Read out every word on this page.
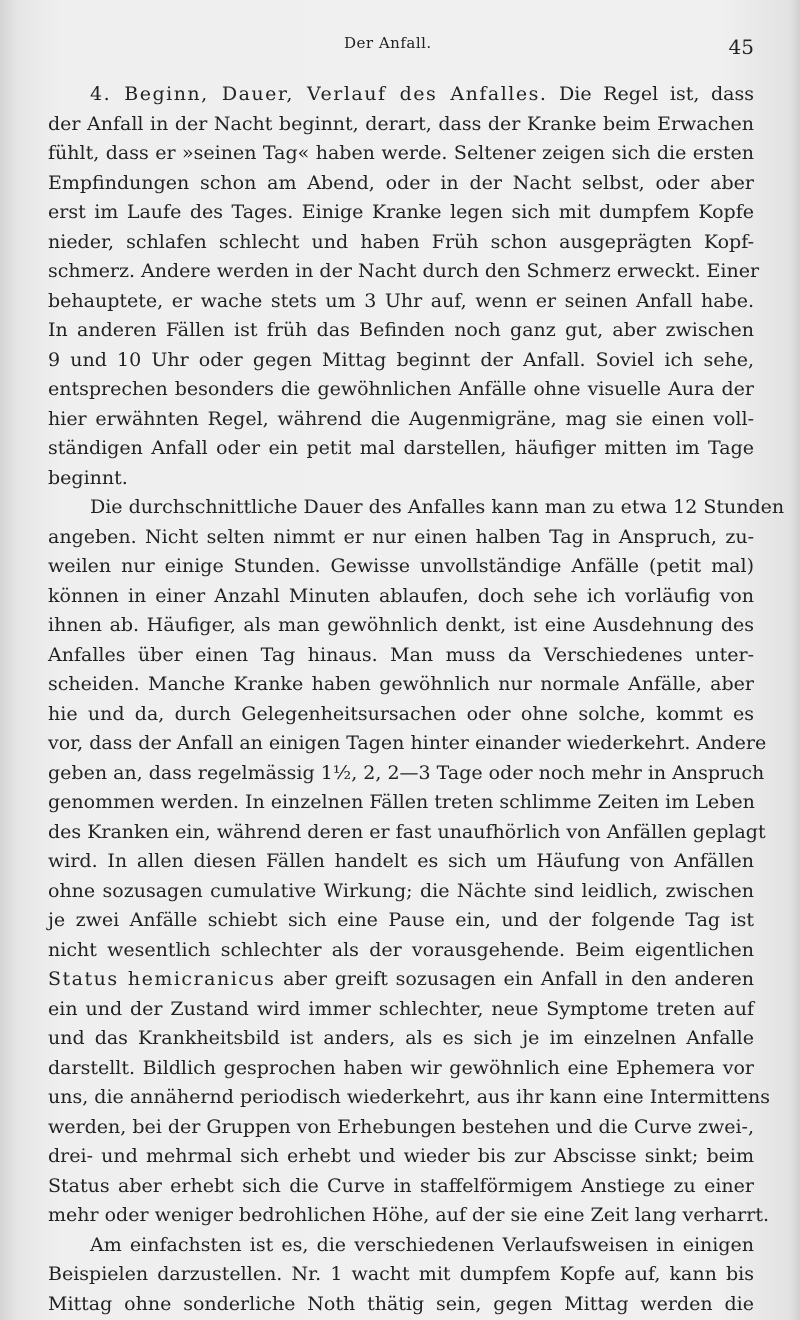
Der Anfall.	45
4. Beginn, Dauer, Verlauf des Anfalles. Die Regel ist, dass
der Anfall in der Nacht beginnt, derart, dass der Kranke beim Erwachen
fühlt, dass er »seinen Tag« haben werde. Seltener zeigen sich die ersten
Empfindungen schon am Abend, oder in der Nacht selbst, oder aber
erst im Laufe des Tages. Einige Kranke legen sich mit dumpfem Kopfe
nieder, schlafen schlecht und haben Früh schon ausgeprägten Kopf-
schmerz. Andere werden in der Nacht durch den Schmerz erweckt. Einer
behauptete, er wache stets um 3 Uhr auf, wenn er seinen Anfall habe.
In anderen Fällen ist früh das Befinden noch ganz gut, aber zwischen
9 und 10 Uhr oder gegen Mittag beginnt der Anfall. Soviel ich sehe,
entsprechen besonders die gewöhnlichen Anfälle ohne visuelle Aura der
hier erwähnten Regel, während die Augenmigräne, mag sie einen voll-
ständigen Anfall oder ein petit mal darstellen, häufiger mitten im Tage
beginnt.
Die durchschnittliche Dauer des Anfalles kann man zu etwa 12 Stunden
angeben. Nicht selten nimmt er nur einen halben Tag in Anspruch, zu-
weilen nur einige Stunden. Gewisse unvollständige Anfälle (petit mal)
können in einer Anzahl Minuten ablaufen, doch sehe ich vorläufig von
ihnen ab. Häufiger, als man gewöhnlich denkt, ist eine Ausdehnung des
Anfalles über einen Tag hinaus. Man muss da Verschiedenes unter-
scheiden. Manche Kranke haben gewöhnlich nur normale Anfälle, aber
hie und da, durch Gelegenheitsursachen oder ohne solche, kommt es
vor, dass der Anfall an einigen Tagen hinter einander wiederkehrt. Andere
geben an, dass regelmässig 1½, 2, 2—3 Tage oder noch mehr in Anspruch
genommen werden. In einzelnen Fällen treten schlimme Zeiten im Leben
des Kranken ein, während deren er fast unaufhörlich von Anfällen geplagt
wird. In allen diesen Fällen handelt es sich um Häufung von Anfällen
ohne sozusagen cumulative Wirkung; die Nächte sind leidlich, zwischen
je zwei Anfälle schiebt sich eine Pause ein, und der folgende Tag ist
nicht wesentlich schlechter als der vorausgehende. Beim eigentlichen
Status hemicranicus aber greift sozusagen ein Anfall in den anderen
ein und der Zustand wird immer schlechter, neue Symptome treten auf
und das Krankheitsbild ist anders, als es sich je im einzelnen Anfalle
darstellt. Bildlich gesprochen haben wir gewöhnlich eine Ephemera vor
uns, die annähernd periodisch wiederkehrt, aus ihr kann eine Intermittens
werden, bei der Gruppen von Erhebungen bestehen und die Curve zwei-,
drei- und mehrmal sich erhebt und wieder bis zur Abscisse sinkt; beim
Status aber erhebt sich die Curve in staffelförmigem Anstiege zu einer
mehr oder weniger bedrohlichen Höhe, auf der sie eine Zeit lang verharrt.
Am einfachsten ist es, die verschiedenen Verlaufsweisen in einigen
Beispielen darzustellen. Nr. 1 wacht mit dumpfem Kopfe auf, kann bis
Mittag ohne sonderliche Noth thätig sein, gegen Mittag werden die
